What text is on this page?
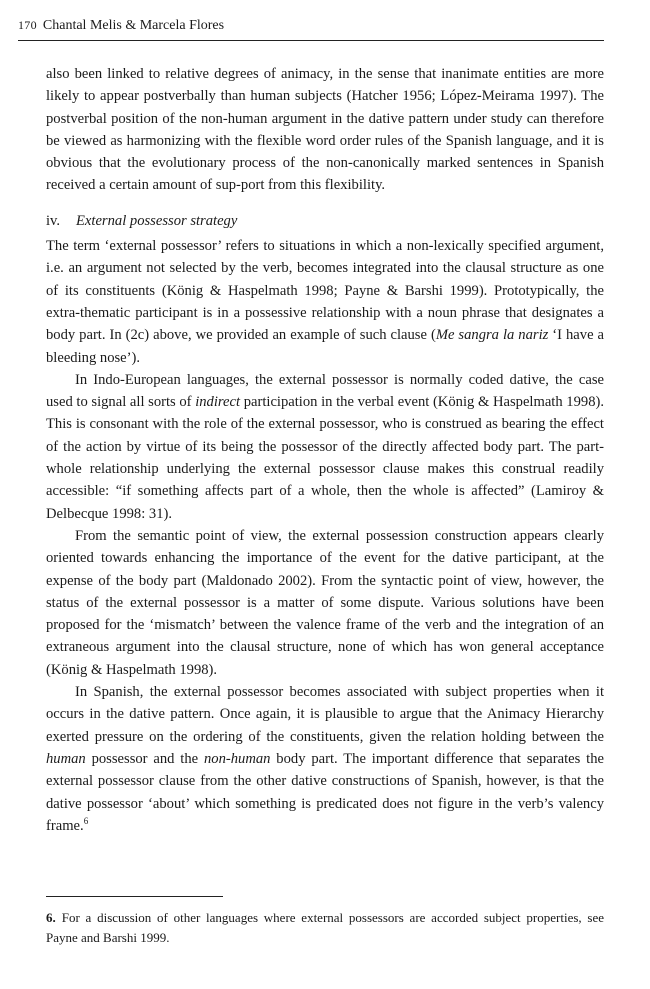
170 Chantal Melis & Marcela Flores

also been linked to relative degrees of animacy, in the sense that inanimate entities are more likely to appear postverbally than human subjects (Hatcher 1956; López-Meirama 1997). The postverbal position of the non-human argument in the dative pattern under study can therefore be viewed as harmonizing with the flexible word order rules of the Spanish language, and it is obvious that the evolutionary process of the non-canonically marked sentences in Spanish received a certain amount of sup-port from this flexibility.

iv. External possessor strategy

The term ‘external possessor’ refers to situations in which a non-lexically specified argument, i.e. an argument not selected by the verb, becomes integrated into the clausal structure as one of its constituents (König & Haspelmath 1998; Payne & Barshi 1999). Prototypically, the extra-thematic participant is in a possessive relationship with a noun phrase that designates a body part. In (2c) above, we provided an example of such clause (Me sangra la nariz ‘I have a bleeding nose’).

In Indo-European languages, the external possessor is normally coded dative, the case used to signal all sorts of indirect participation in the verbal event (König & Haspelmath 1998). This is consonant with the role of the external possessor, who is construed as bearing the effect of the action by virtue of its being the possessor of the directly affected body part. The part-whole relationship underlying the external possessor clause makes this construal readily accessible: “if something affects part of a whole, then the whole is affected” (Lamiroy & Delbecque 1998: 31).

From the semantic point of view, the external possession construction appears clearly oriented towards enhancing the importance of the event for the dative participant, at the expense of the body part (Maldonado 2002). From the syntactic point of view, however, the status of the external possessor is a matter of some dispute. Various solutions have been proposed for the ‘mismatch’ between the valence frame of the verb and the integration of an extraneous argument into the clausal structure, none of which has won general acceptance (König & Haspelmath 1998).

In Spanish, the external possessor becomes associated with subject properties when it occurs in the dative pattern. Once again, it is plausible to argue that the Animacy Hierarchy exerted pressure on the ordering of the constituents, given the relation holding between the human possessor and the non-human body part. The important difference that separates the external possessor clause from the other dative constructions of Spanish, however, is that the dative possessor ‘about’ which something is predicated does not figure in the verb’s valency frame.$^6$

6. For a discussion of other languages where external possessors are accorded subject properties, see Payne and Barshi 1999.
